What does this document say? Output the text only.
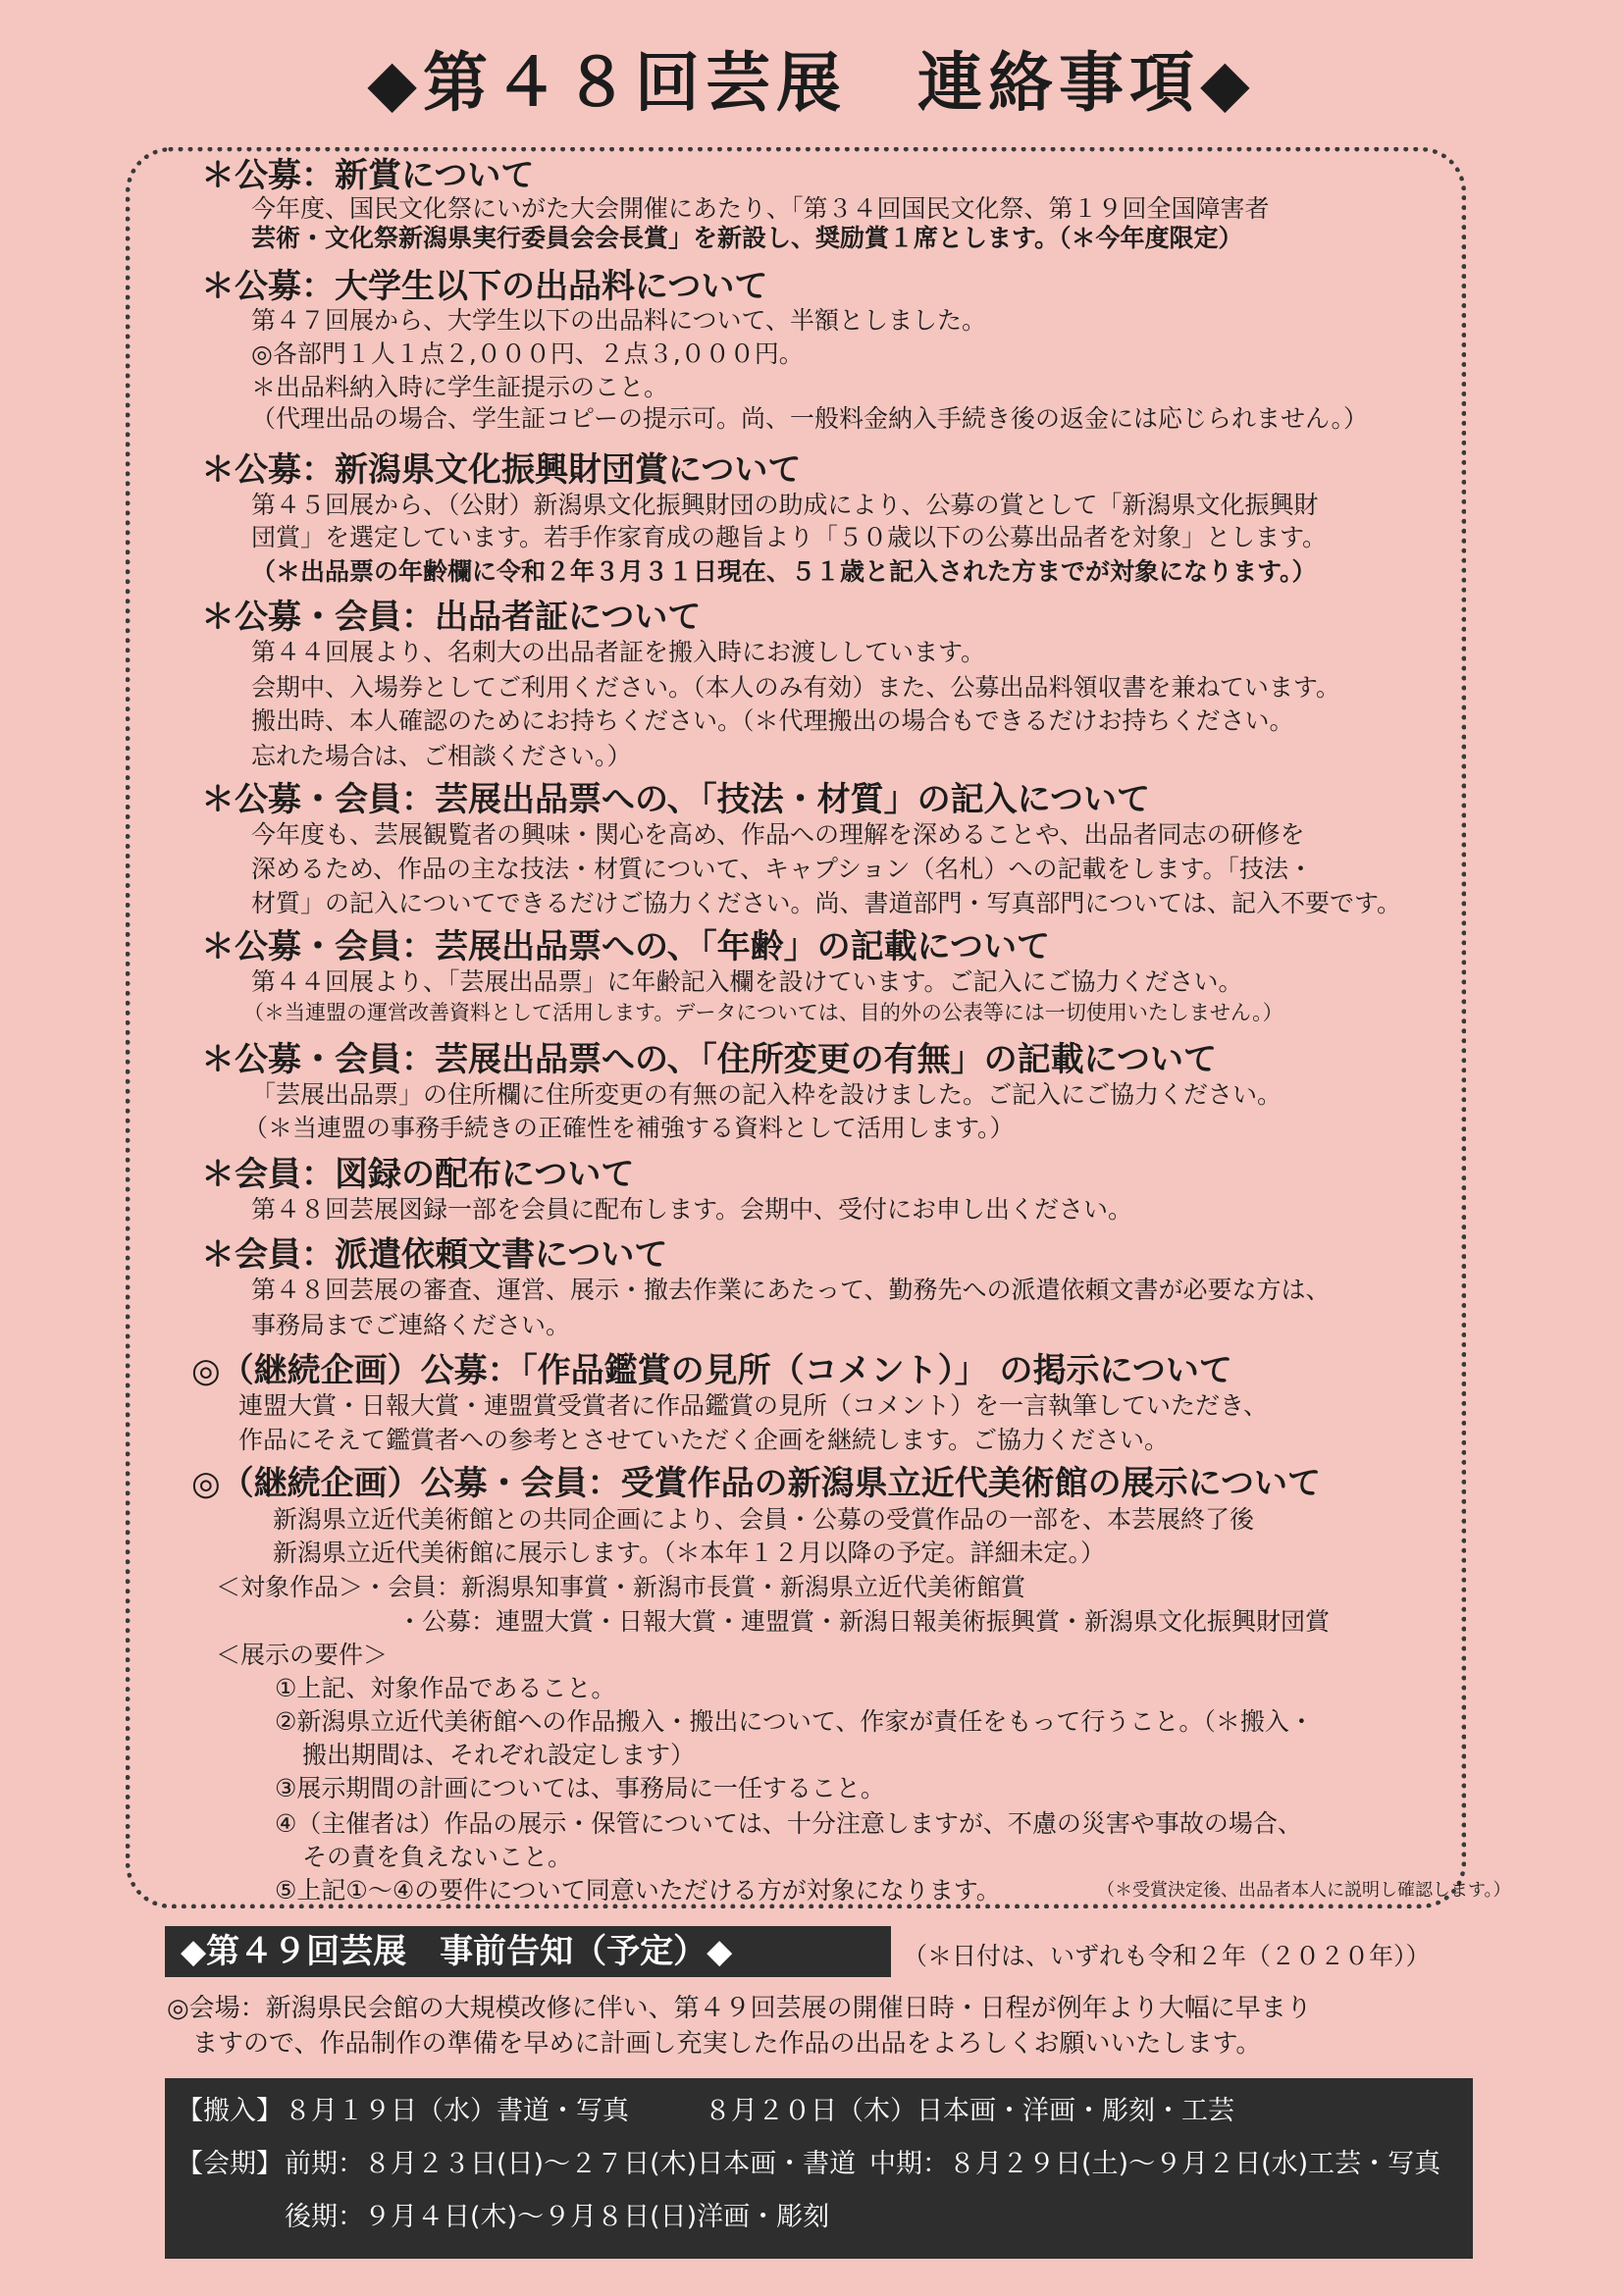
◆第４８回芸展　連絡事項◆
＊公募：新賞について
今年度、国民文化祭にいがた大会開催にあたり、「第３４回国民文化祭、第１９回全国障害者
芸術・文化祭新潟県実行委員会会長賞」を新設し、奨励賞１席とします。（＊今年度限定）
＊公募：大学生以下の出品料について
第４７回展から、大学生以下の出品料について、半額としました。
◎各部門１人１点２,０００円、２点３,０００円。
＊出品料納入時に学生証提示のこと。
（代理出品の場合、学生証コピーの提示可。尚、一般料金納入手続き後の返金には応じられません。）
＊公募：新潟県文化振興財団賞について
第４５回展から、（公財）新潟県文化振興財団の助成により、公募の賞として「新潟県文化振興財
団賞」を選定しています。若手作家育成の趣旨より「５０歳以下の公募出品者を対象」とします。
（＊出品票の年齢欄に令和２年３月３１日現在、５１歳と記入された方までが対象になります。）
＊公募・会員：出品者証について
第４４回展より、名刺大の出品者証を搬入時にお渡ししています。
会期中、入場券としてご利用ください。（本人のみ有効）また、公募出品料領収書を兼ねています。
搬出時、本人確認のためにお持ちください。（＊代理搬出の場合もできるだけお持ちください。
忘れた場合は、ご相談ください。）
＊公募・会員：芸展出品票への、「技法・材質」の記入について
今年度も、芸展観覧者の興味・関心を高め、作品への理解を深めることや、出品者同志の研修を
深めるため、作品の主な技法・材質について、キャプション（名札）への記載をします。「技法・
材質」の記入についてできるだけご協力ください。尚、書道部門・写真部門については、記入不要です。
＊公募・会員：芸展出品票への、「年齢」の記載について
第４４回展より、「芸展出品票」に年齢記入欄を設けています。ご記入にご協力ください。
（＊当連盟の運営改善資料として活用します。データについては、目的外の公表等には一切使用いたしません。）
＊公募・会員：芸展出品票への、「住所変更の有無」の記載について
「芸展出品票」の住所欄に住所変更の有無の記入枠を設けました。ご記入にご協力ください。
（＊当連盟の事務手続きの正確性を補強する資料として活用します。）
＊会員：図録の配布について
第４８回芸展図録一部を会員に配布します。会期中、受付にお申し出ください。
＊会員：派遣依頼文書について
第４８回芸展の審査、運営、展示・撤去作業にあたって、勤務先への派遣依頼文書が必要な方は、
事務局までご連絡ください。
◎（継続企画）公募：「作品鑑賞の見所（コメント）」 の掲示について
連盟大賞・日報大賞・連盟賞受賞者に作品鑑賞の見所（コメント）を一言執筆していただき、
作品にそえて鑑賞者への参考とさせていただく企画を継続します。ご協力ください。
◎（継続企画）公募・会員：受賞作品の新潟県立近代美術館の展示について
新潟県立近代美術館との共同企画により、会員・公募の受賞作品の一部を、本芸展終了後
新潟県立近代美術館に展示します。（＊本年１２月以降の予定。詳細未定。）
＜対象作品＞・会員：新潟県知事賞・新潟市長賞・新潟県立近代美術館賞
・公募：連盟大賞・日報大賞・連盟賞・新潟日報美術振興賞・新潟県文化振興財団賞
＜展示の要件＞
①上記、対象作品であること。
②新潟県立近代美術館への作品搬入・搬出について、作家が責任をもって行うこと。（＊搬入・
搬出期間は、それぞれ設定します）
③展示期間の計画については、事務局に一任すること。
④（主催者は）作品の展示・保管については、十分注意しますが、不慮の災害や事故の場合、
その責を負えないこと。
⑤上記①～④の要件について同意いただける方が対象になります。	（＊受賞決定後、出品者本人に説明し確認します。）
◆第４９回芸展　事前告知（予定）◆	（＊日付は、いずれも令和２年（２０２０年））
◎会場：新潟県民会館の大規模改修に伴い、第４９回芸展の開催日時・日程が例年より大幅に早まり
ますので、作品制作の準備を早めに計画し充実した作品の出品をよろしくお願いいたします。
【搬入】 ８月１９日（水）書道・写真	８月２０日（木）日本画・洋画・彫刻・工芸
【会期】 前期：８月２３日(日)～２７日(木)日本画・書道 中期：８月２９日(土)～９月２日(水)工芸・写真
後期：９月４日(木)～９月８日(日)洋画・彫刻
